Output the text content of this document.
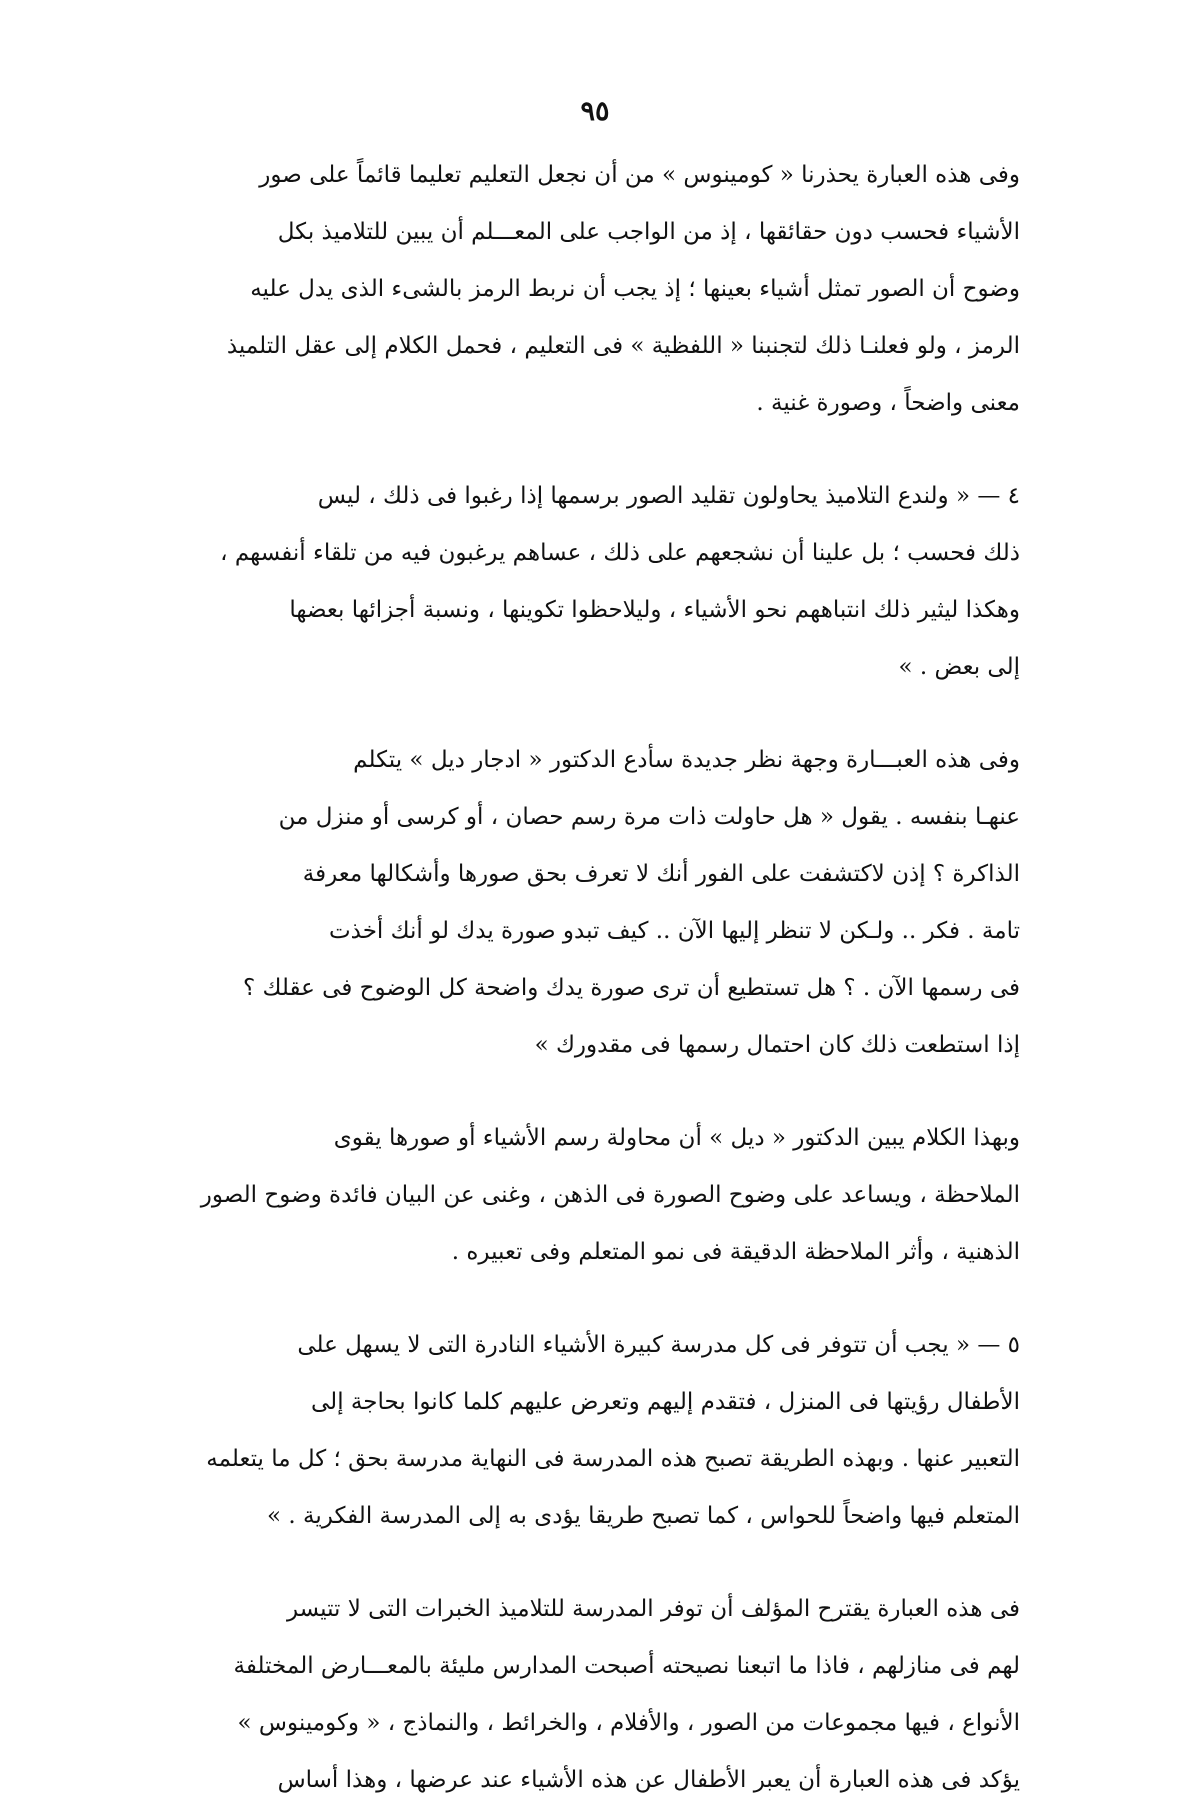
٩٥

وفى هذه العبارة يحذرنا « كومينوس » من أن نجعل التعليم تعليما قائماً على صور
الأشياء فحسب دون حقائقها ، إذ من الواجب على المعـــلم أن يبين للتلاميذ بكل
وضوح أن الصور تمثل أشياء بعينها ؛ إذ يجب أن نربط الرمز بالشىء الذى يدل عليه
الرمز ، ولو فعلنـا ذلك لتجنبنا « اللفظية » فى التعليم ، فحمل الكلام إلى عقل التلميذ
معنى واضحاً ، وصورة غنية .

٤ — « ولندع التلاميذ يحاولون تقليد الصور برسمها إذا رغبوا فى ذلك ، ليس
ذلك فحسب ؛ بل علينا أن نشجعهم على ذلك ، عساهم يرغبون فيه من تلقاء أنفسهم ،
وهكذا ليثير ذلك انتباههم نحو الأشياء ، وليلاحظوا تكوينها ، ونسبة أجزائها بعضها
إلى بعض . »

وفى هذه العبـــارة وجهة نظر جديدة سأدع الدكتور « ادجار ديل » يتكلم
عنهـا بنفسه . يقول « هل حاولت ذات مرة رسم حصان ، أو كرسى أو منزل من
الذاكرة ؟ إذن لاكتشفت على الفور أنك لا تعرف بحق صورها وأشكالها معرفة
تامة . فكر .. ولـكن لا تنظر إليها الآن .. كيف تبدو صورة يدك لو أنك أخذت
فى رسمها الآن . ؟ هل تستطيع أن ترى صورة يدك واضحة كل الوضوح فى عقلك ؟
إذا استطعت ذلك كان احتمال رسمها فى مقدورك »

وبهذا الكلام يبين الدكتور « ديل » أن محاولة رسم الأشياء أو صورها يقوى
الملاحظة ، ويساعد على وضوح الصورة فى الذهن ، وغنى عن البيان فائدة وضوح الصور
الذهنية ، وأثر الملاحظة الدقيقة فى نمو المتعلم وفى تعبيره .

٥ — « يجب أن تتوفر فى كل مدرسة كبيرة الأشياء النادرة التى لا يسهل على
الأطفال رؤيتها فى المنزل ، فتقدم إليهم وتعرض عليهم كلما كانوا بحاجة إلى
التعبير عنها . وبهذه الطريقة تصبح هذه المدرسة فى النهاية مدرسة بحق ؛ كل ما يتعلمه
المتعلم فيها واضحاً للحواس ، كما تصبح طريقا يؤدى به إلى المدرسة الفكرية . »

فى هذه العبارة يقترح المؤلف أن توفر المدرسة للتلاميذ الخبرات التى لا تتيسر
لهم فى منازلهم ، فاذا ما اتبعنا نصيحته أصبحت المدارس مليئة بالمعـــارض المختلفة
الأنواع ، فيها مجموعات من الصور ، والأفلام ، والخرائط ، والنماذج ، « وكومينوس »
يؤكد فى هذه العبارة أن يعبر الأطفال عن هذه الأشياء عند عرضها ، وهذا أساس
